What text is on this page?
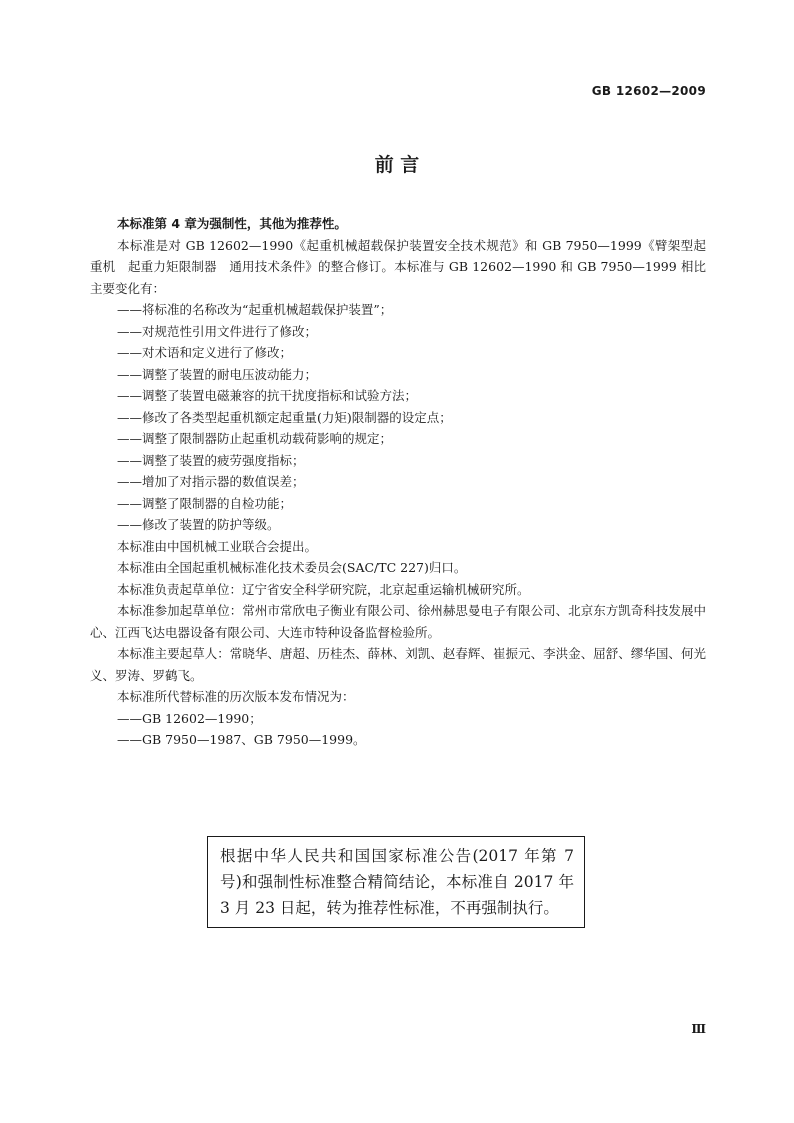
GB 12602—2009
前 言

本标准第 4 章为强制性，其他为推荐性。

本标准是对 GB 12602—1990《起重机械超载保护装置安全技术规范》和 GB 7950—1999《臂架型起重机　起重力矩限制器　通用技术条件》的整合修订。本标准与 GB 12602—1990 和 GB 7950—1999 相比主要变化有：

——将标准的名称改为“起重机械超载保护装置”；
——对规范性引用文件进行了修改；
——对术语和定义进行了修改；
——调整了装置的耐电压波动能力；
——调整了装置电磁兼容的抗干扰度指标和试验方法；
——修改了各类型起重机额定起重量(力矩)限制器的设定点；
——调整了限制器防止起重机动载荷影响的规定；
——调整了装置的疲劳强度指标；
——增加了对指示器的数值误差；
——调整了限制器的自检功能；
——修改了装置的防护等级。

本标准由中国机械工业联合会提出。

本标准由全国起重机械标准化技术委员会(SAC/TC 227)归口。

本标准负责起草单位：辽宁省安全科学研究院，北京起重运输机械研究所。

本标准参加起草单位：常州市常欣电子衡业有限公司、徐州赫思曼电子有限公司、北京东方凯奇科技发展中心、江西飞达电器设备有限公司、大连市特种设备监督检验所。

本标准主要起草人：常晓华、唐超、历桂杰、薛林、刘凯、赵春辉、崔振元、李洪金、屈舒、缪华国、何光义、罗涛、罗鹤飞。

本标准所代替标准的历次版本发布情况为：

——GB 12602—1990；
——GB 7950—1987、GB 7950—1999。
根据中华人民共和国国家标准公告(2017 年第 7 号)和强制性标准整合精简结论，本标准自 2017 年 3 月 23 日起，转为推荐性标准，不再强制执行。
Ⅲ
